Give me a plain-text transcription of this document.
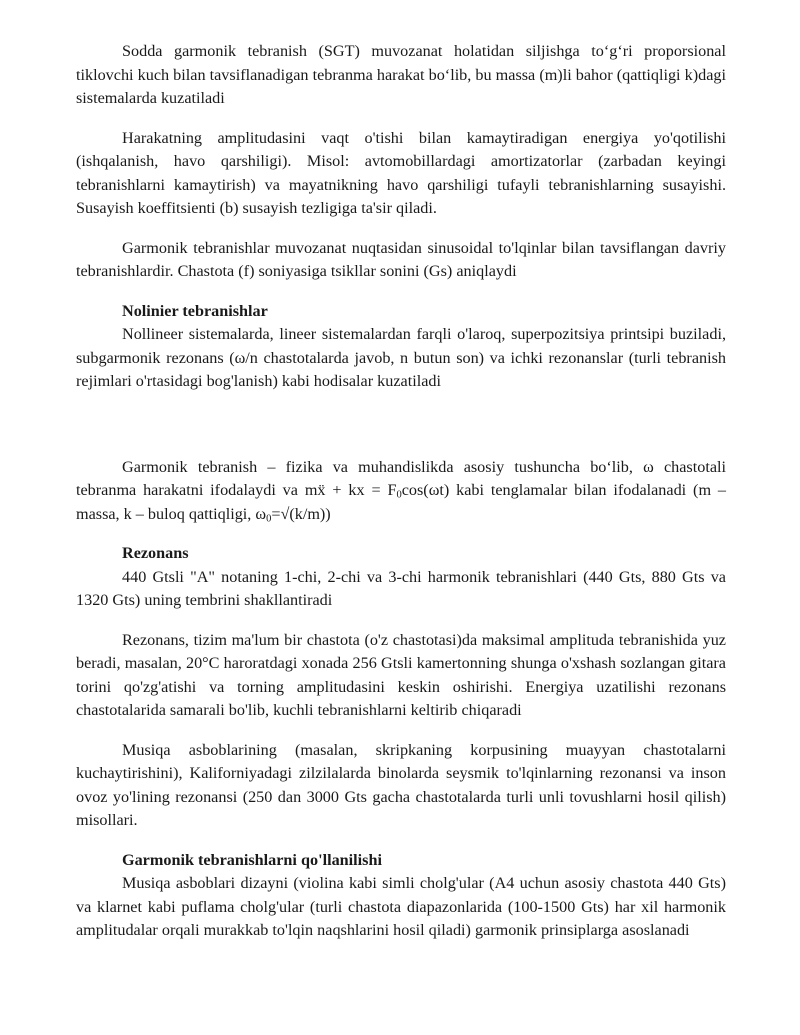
Sodda garmonik tebranish (SGT) muvozanat holatidan siljishga to‘g‘ri proporsional tiklovchi kuch bilan tavsiflanadigan tebranma harakat bo‘lib, bu massa (m)li bahor (qattiqligi k)dagi sistemalarda kuzatiladi

Harakatning amplitudasini vaqt o'tishi bilan kamaytiradigan energiya yo'qotilishi (ishqalanish, havo qarshiligi). Misol: avtomobillardagi amortizatorlar (zarbadan keyingi tebranishlarni kamaytirish) va mayatnikning havo qarshiligi tufayli tebranishlarning susayishi. Susayish koeffitsienti (b) susayish tezligiga ta'sir qiladi.

Garmonik tebranishlar muvozanat nuqtasidan sinusoidal to'lqinlar bilan tavsiflangan davriy tebranishlardir. Chastota (f) soniyasiga tsikllar sonini (Gs) aniqlaydi

Nolinier tebranishlar

Nollineer sistemalarda, lineer sistemalardan farqli o'laroq, superpozitsiya printsipi buziladi, subgarmonik rezonans (ω/n chastotalarda javob, n butun son) va ichki rezonanslar (turli tebranish rejimlari o'rtasidagi bog'lanish) kabi hodisalar kuzatiladi

Garmonik tebranish – fizika va muhandislikda asosiy tushuncha bo‘lib, ω chastotali tebranma harakatni ifodalaydi va mẍ + kx = $F_0\cos(\omega t)$ kabi tenglamalar bilan ifodalanadi (m – massa, k – buloq qattiqligi, $\omega_0=√(k/m)$)

Rezonans

440 Gtsli "A" notaning 1-chi, 2-chi va 3-chi harmonik tebranishlari (440 Gts, 880 Gts va 1320 Gts) uning tembrini shakllantiradi

Rezonans, tizim ma'lum bir chastota (o'z chastotasi)da maksimal amplituda tebranishida yuz beradi, masalan, 20°C haroratdagi xonada 256 Gtsli kamertonning shunga o'xshash sozlangan gitara torini qo'zg'atishi va torning amplitudasini keskin oshirishi. Energiya uzatilishi rezonans chastotalarida samarali bo'lib, kuchli tebranishlarni keltirib chiqaradi

Musiqa asboblarining (masalan, skripkaning korpusining muayyan chastotalarni kuchaytirishini), Kaliforniyadagi zilzilalarda binolarda seysmik to'lqinlarning rezonansi va inson ovoz yo'lining rezonansi (250 dan 3000 Gts gacha chastotalarda turli unli tovushlarni hosil qilish) misollari.

Garmonik tebranishlarni qo'llanilishi

Musiqa asboblari dizayni (violina kabi simli cholg'ular (A4 uchun asosiy chastota 440 Gts) va klarnet kabi puflama cholg'ular (turli chastota diapazonlarida (100-1500 Gts) har xil harmonik amplitudalar orqali murakkab to'lqin naqshlarini hosil qiladi) garmonik prinsiplarga asoslanadi
